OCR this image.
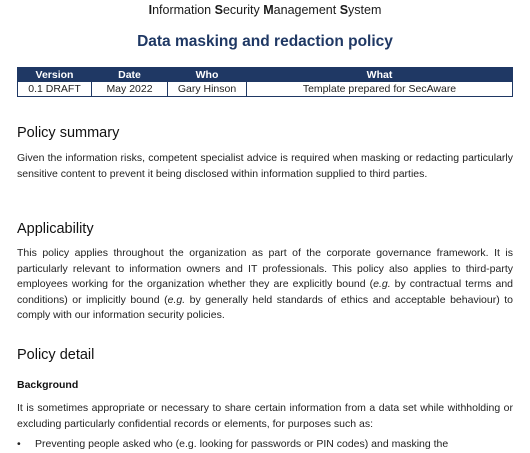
Information Security Management System
Data masking and redaction policy
Version	Date	Who	What
0.1 DRAFT	May 2022	Gary Hinson	Template prepared for SecAware
Policy summary

Given the information risks, competent specialist advice is required when masking or redacting particularly sensitive content to prevent it being disclosed within information supplied to third parties.

Applicability

This policy applies throughout the organization as part of the corporate governance framework. It is particularly relevant to information owners and IT professionals. This policy also applies to third-party employees working for the organization whether they are explicitly bound (e.g. by contractual terms and conditions) or implicitly bound (e.g. by generally held standards of ethics and acceptable behaviour) to comply with our information security policies.

Policy detail

Background

It is sometimes appropriate or necessary to share certain information from a data set while withholding or excluding particularly confidential records or elements, for purposes such as:

• Preventing people asked who (e.g. looking for passwords or PIN codes) and masking the
